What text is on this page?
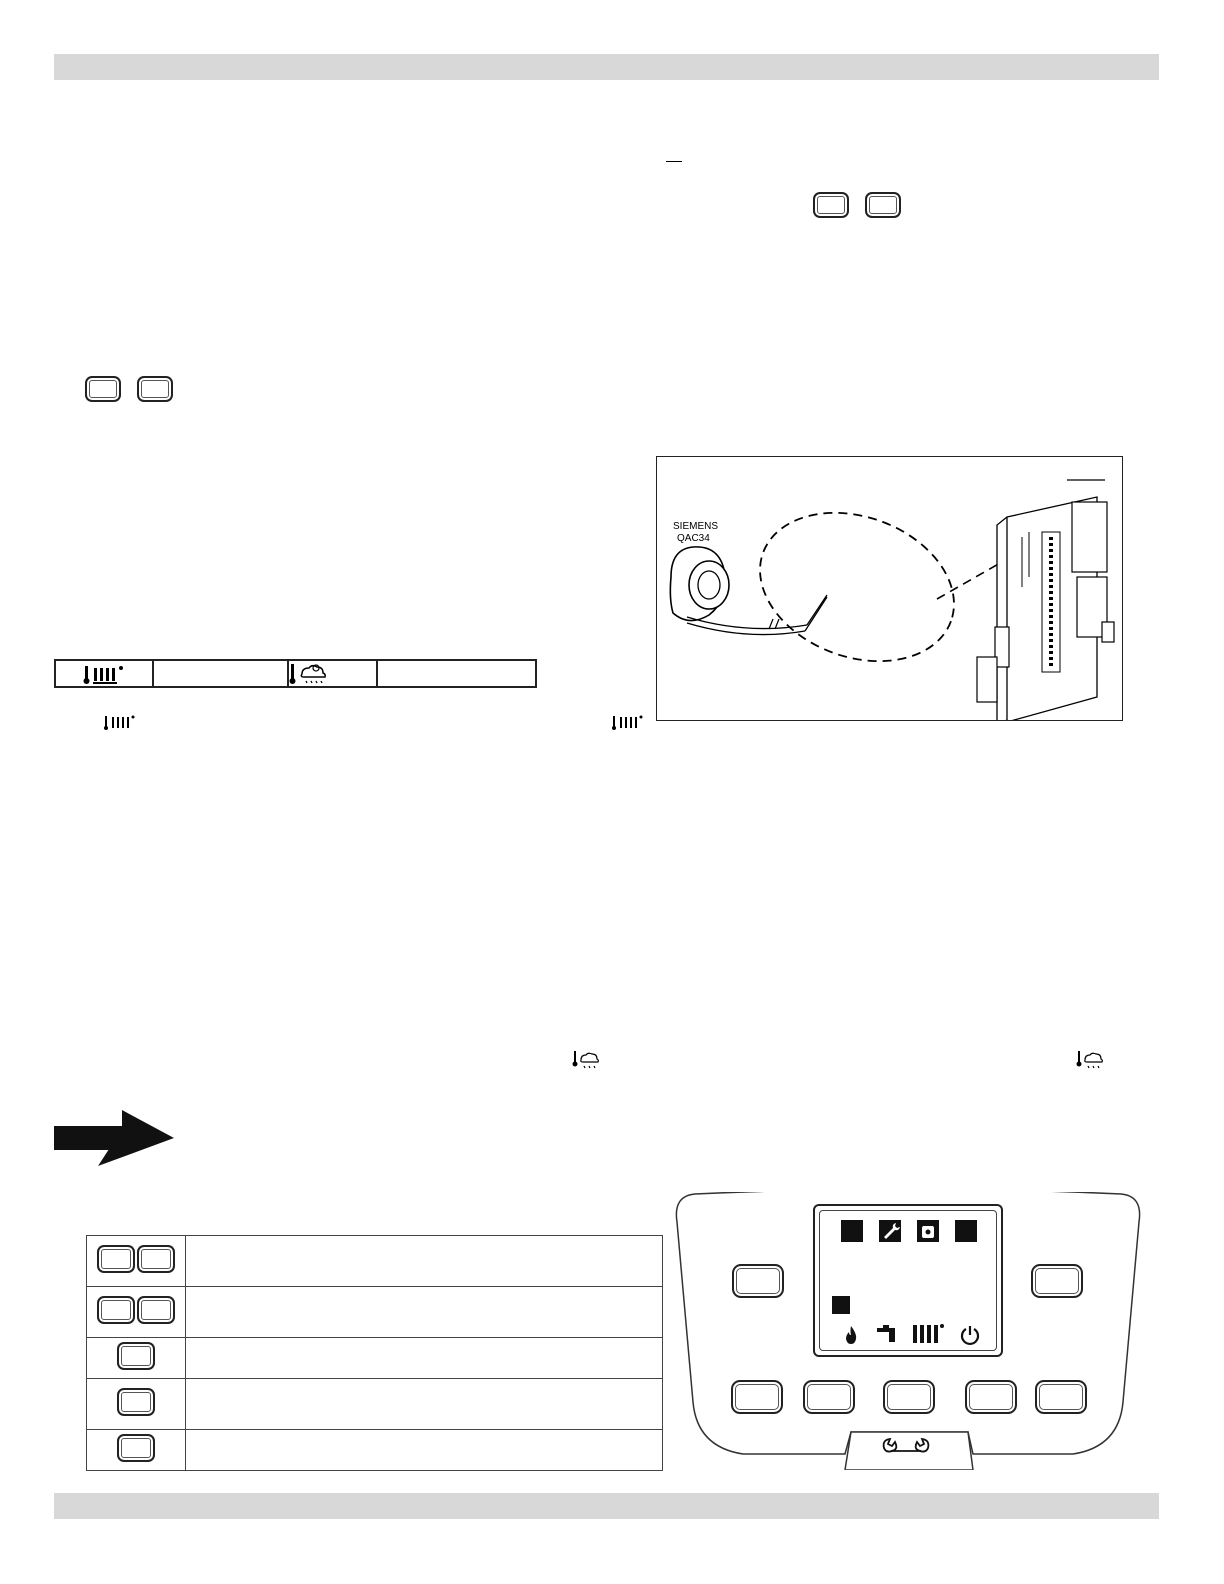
SIEMENS
QAC34
